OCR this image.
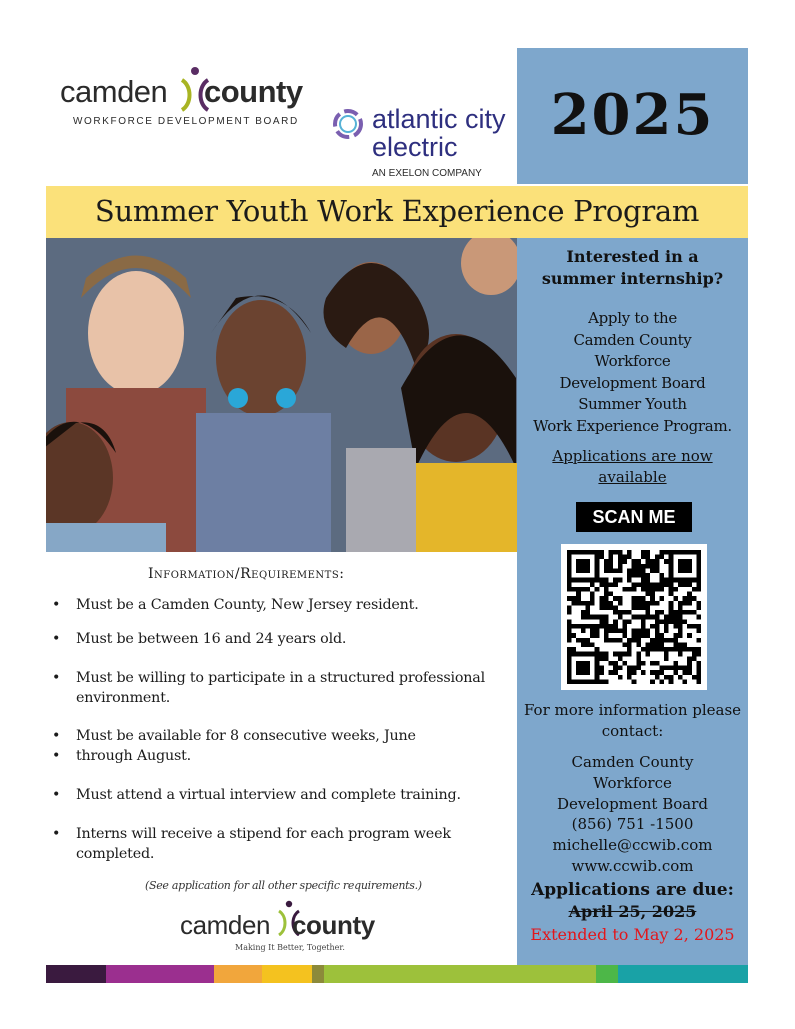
camden county
WORKFORCE DEVELOPMENT BOARD	atlantic city
electric
AN EXELON COMPANY
2025
Summer Youth Work Experience Program
Interested in a
summer internship?
Apply to the
Camden County
Workforce
Development Board
Summer Youth
Work Experience Program.
Applications are now
available
SCAN ME
For more information please
contact:
Camden County
Workforce
Development Board
(856) 751 -1500
michelle@ccwib.com
www.ccwib.com
Applications are due:
April 25, 2025
Extended to May 2, 2025
Information/Requirements:
• Must be a Camden County, New Jersey resident.
• Must be between 16 and 24 years old.
• Must be willing to participate in a structured professional environment.
• Must be available for 8 consecutive weeks, June
• through August.
• Must attend a virtual interview and complete training.
• Interns will receive a stipend for each program week completed.
(See application for all other specific requirements.)
camden county
Making It Better, Together.
